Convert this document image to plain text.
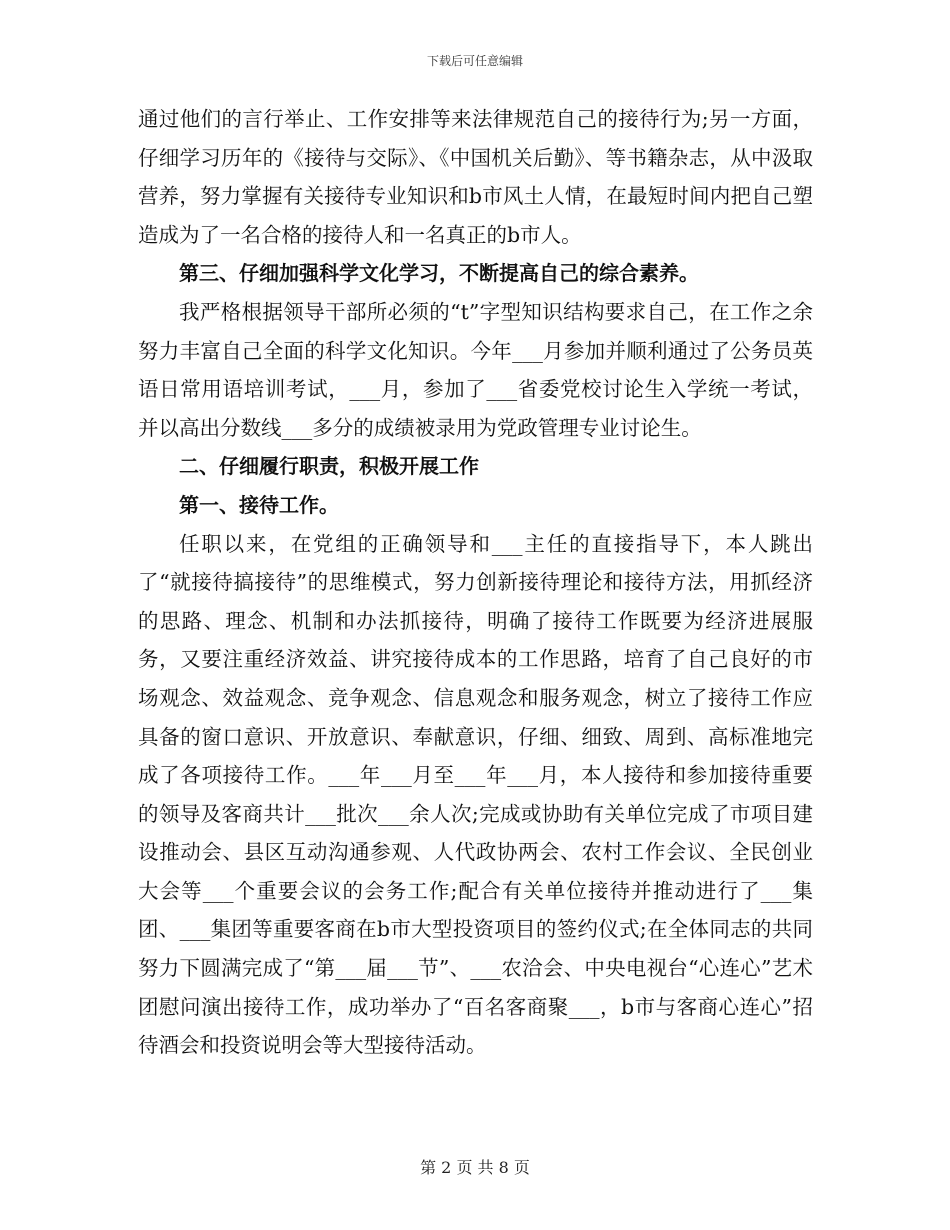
下载后可任意编辑

通过他们的言行举止、工作安排等来法律规范自己的接待行为;另一方面，仔细学习历年的《接待与交际》、《中国机关后勤》、等书籍杂志，从中汲取营养，努力掌握有关接待专业知识和b市风土人情，在最短时间内把自己塑造成为了一名合格的接待人和一名真正的b市人。

第三、仔细加强科学文化学习，不断提高自己的综合素养。

我严格根据领导干部所必须的“t”字型知识结构要求自己，在工作之余努力丰富自己全面的科学文化知识。今年___月参加并顺利通过了公务员英语日常用语培训考试，___月，参加了___省委党校讨论生入学统一考试，并以高出分数线___多分的成绩被录用为党政管理专业讨论生。

二、仔细履行职责，积极开展工作

第一、接待工作。

任职以来，在党组的正确领导和___主任的直接指导下，本人跳出了“就接待搞接待”的思维模式，努力创新接待理论和接待方法，用抓经济的思路、理念、机制和办法抓接待，明确了接待工作既要为经济进展服务，又要注重经济效益、讲究接待成本的工作思路，培育了自己良好的市场观念、效益观念、竞争观念、信息观念和服务观念，树立了接待工作应具备的窗口意识、开放意识、奉献意识，仔细、细致、周到、高标准地完成了各项接待工作。___年___月至___年___月，本人接待和参加接待重要的领导及客商共计___批次___余人次;完成或协助有关单位完成了市项目建设推动会、县区互动沟通参观、人代政协两会、农村工作会议、全民创业大会等___个重要会议的会务工作;配合有关单位接待并推动进行了___集团、___集团等重要客商在b市大型投资项目的签约仪式;在全体同志的共同努力下圆满完成了“第___届___节”、___农洽会、中央电视台“心连心”艺术团慰问演出接待工作，成功举办了“百名客商聚___，b市与客商心连心”招待酒会和投资说明会等大型接待活动。

第 2 页 共 8 页
